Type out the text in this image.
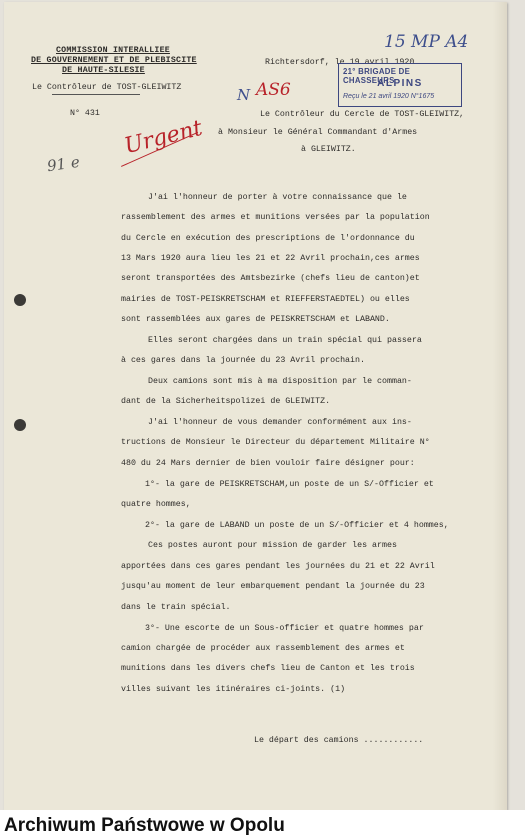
COMMISSION INTERALLIEE
DE GOUVERNEMENT ET DE PLEBISCITE
DE HAUTE-SILESIE
Le Contrôleur de TOST-GLEIWITZ
N° 431
Richtersdorf, le 19 avril 1920
21° BRIGADE DE CHASSEURS
ALPINS
Reçu le 21 avril 1920 N°1675
15 MP A4
N AS6
Urgent
91 e
Le Contrôleur du Cercle de TOST-GLEIWITZ,
à Monsieur le Général Commandant d'Armes
à GLEIWITZ.
J'ai l'honneur de porter à votre connaissance que le
rassemblement des armes et munitions versées par la population
du Cercle en exécution des prescriptions de l'ordonnance du
13 Mars 1920 aura lieu les 21 et 22 Avril prochain,ces armes
seront transportées des Amtsbezirke (chefs lieu de canton)et
mairies de TOST-PEISKRETSCHAM et RIEFFERSTAEDTEL) ou elles
sont rassemblées aux gares de PEISKRETSCHAM et LABAND.
Elles seront chargées dans un train spécial qui passera
à ces gares dans la journée du 23 Avril prochain.
Deux camions sont mis à ma disposition par le comman-
dant de la Sicherheitspolizei de GLEIWITZ.
J'ai l'honneur de vous demander conformément aux ins-
tructions de Monsieur le Directeur du département Militaire N°
480 du 24 Mars dernier de bien vouloir faire désigner pour:
1°- la gare de PEISKRETSCHAM,un poste de un S/-Officier et
quatre hommes,
2°- la gare de LABAND un poste de un S/-Officier et 4 hommes,
Ces postes auront pour mission de garder les armes
apportées dans ces gares pendant les journées du 21 et 22 Avril
jusqu'au moment de leur embarquement pendant la journée du 23
dans le train spécial.
3°- Une escorte de un Sous-officier et quatre hommes par
camion chargée de procéder aux rassemblement des armes et
munitions dans les divers chefs lieu de Canton et les trois
villes suivant les itinéraires ci-joints. (1)
Le départ des camions ............
Archiwum Państwowe w Opolu
